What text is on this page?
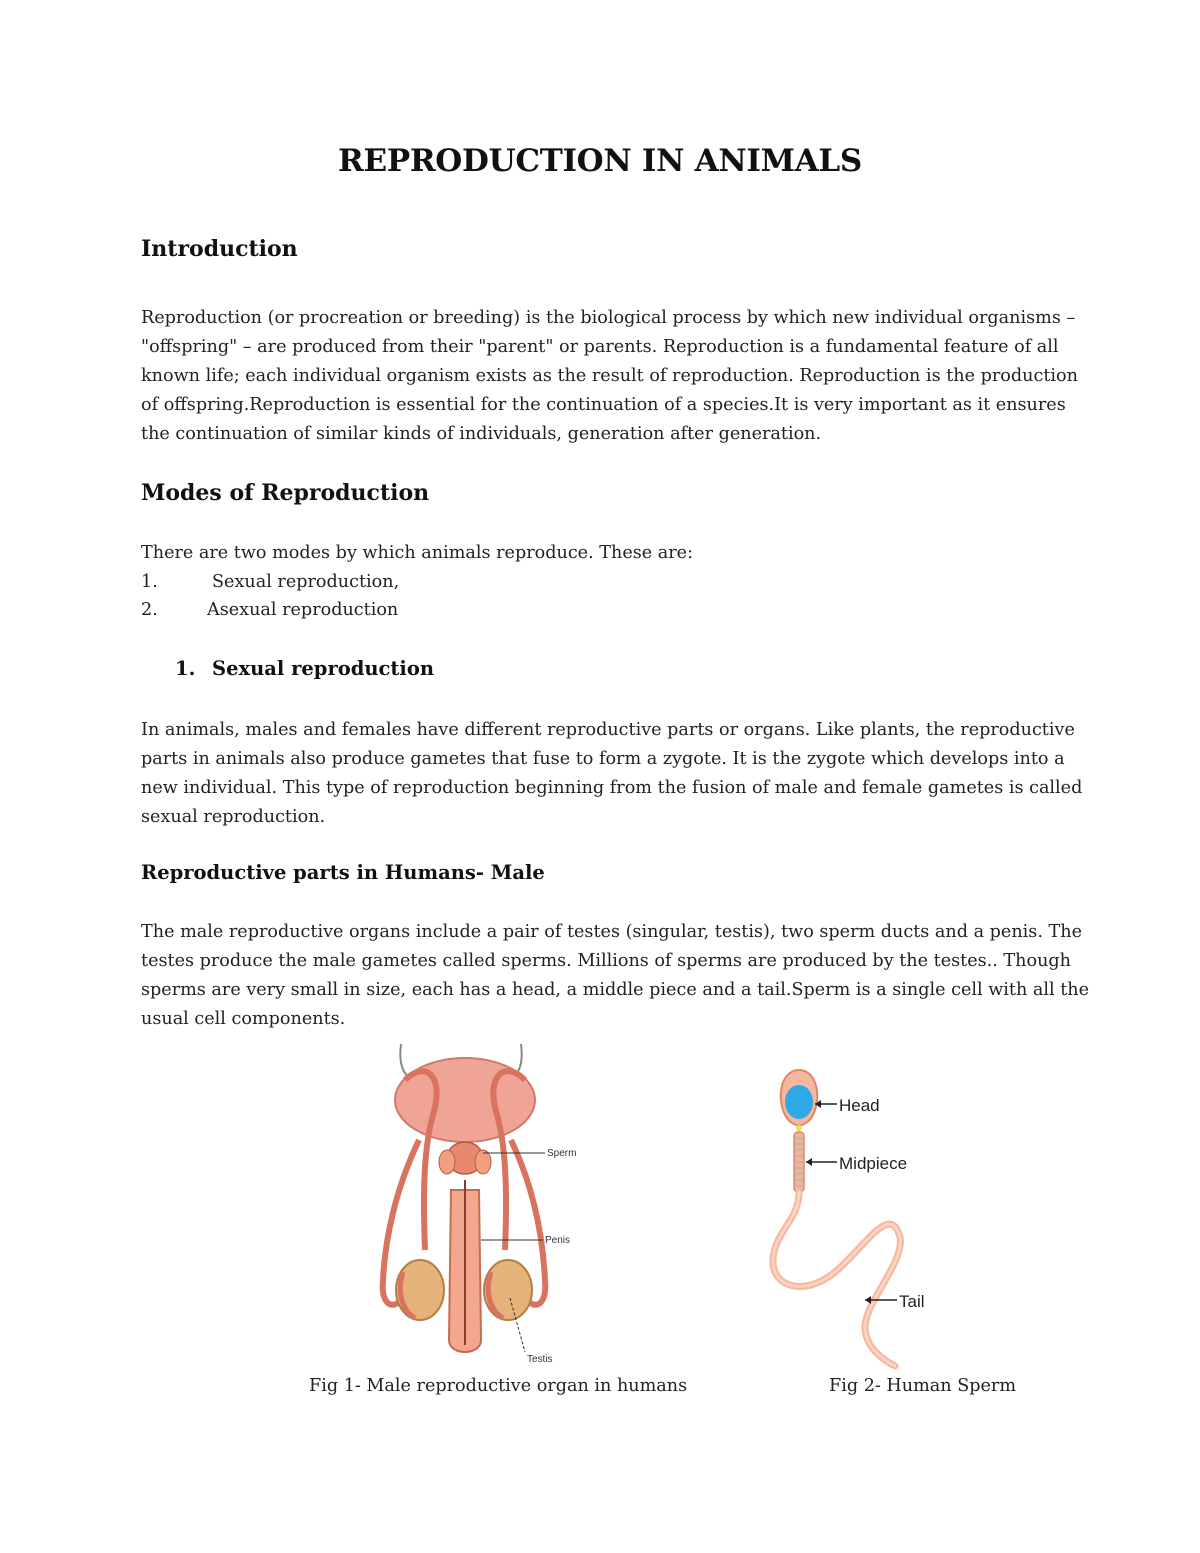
REPRODUCTION IN ANIMALS
Introduction

Reproduction (or procreation or breeding) is the biological process by which new individual organisms –
"offspring" – are produced from their "parent" or parents. Reproduction is a fundamental feature of all
known life; each individual organism exists as the result of reproduction. Reproduction is the production
of offspring.Reproduction is essential for the continuation of a species.It is very important as it ensures
the continuation of similar kinds of individuals, generation after generation.

Modes of Reproduction

There are two modes by which animals reproduce. These are:

1.	Sexual reproduction,
2.	Asexual reproduction
1. Sexual reproduction

In animals, males and females have different reproductive parts or organs. Like plants, the reproductive
parts in animals also produce gametes that fuse to form a zygote. It is the zygote which develops into a
new individual. This type of reproduction beginning from the fusion of male and female gametes is called
sexual reproduction.

Reproductive parts in Humans- Male

The male reproductive organs include a pair of testes (singular, testis), two sperm ducts and a penis. The
testes produce the male gametes called sperms. Millions of sperms are produced by the testes.. Though
sperms are very small in size, each has a head, a middle piece and a tail.Sperm is a single cell with all the
usual cell components.

Sperm
Penis
Testis
Head
Midpiece
Tail

Fig 1- Male reproductive organ in humans	Fig 2- Human Sperm
